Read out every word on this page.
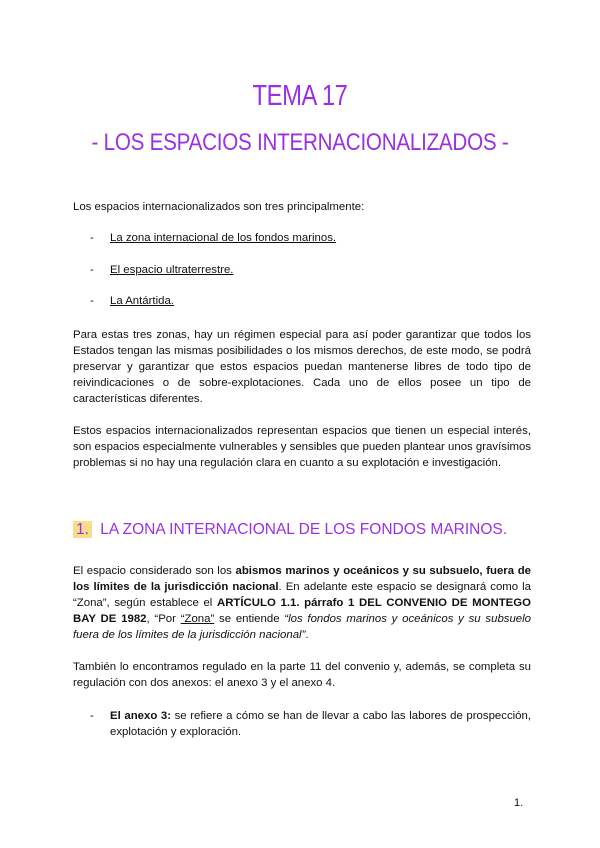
TEMA 17
- LOS ESPACIOS INTERNACIONALIZADOS -
Los espacios internacionalizados son tres principalmente:
- La zona internacional de los fondos marinos.
- El espacio ultraterrestre.
- La Antártida.
Para estas tres zonas, hay un régimen especial para así poder garantizar que todos los Estados tengan las mismas posibilidades o los mismos derechos, de este modo, se podrá preservar y garantizar que estos espacios puedan mantenerse libres de todo tipo de reivindicaciones o de sobre-explotaciones. Cada uno de ellos posee un tipo de características diferentes.
Estos espacios internacionalizados representan espacios que tienen un especial interés, son espacios especialmente vulnerables y sensibles que pueden plantear unos gravísimos problemas si no hay una regulación clara en cuanto a su explotación e investigación.
1. LA ZONA INTERNACIONAL DE LOS FONDOS MARINOS.
El espacio considerado son los abismos marinos y oceánicos y su subsuelo, fuera de los límites de la jurisdicción nacional. En adelante este espacio se designará como la “Zona”, según establece el ARTÍCULO 1.1. párrafo 1 DEL CONVENIO DE MONTEGO BAY DE 1982, “Por “Zona” se entiende “los fondos marinos y oceánicos y su subsuelo fuera de los límites de la jurisdicción nacional”.
También lo encontramos regulado en la parte 11 del convenio y, además, se completa su regulación con dos anexos: el anexo 3 y el anexo 4.
-	El anexo 3: se refiere a cómo se han de llevar a cabo las labores de prospección, explotación y exploración.
1.
